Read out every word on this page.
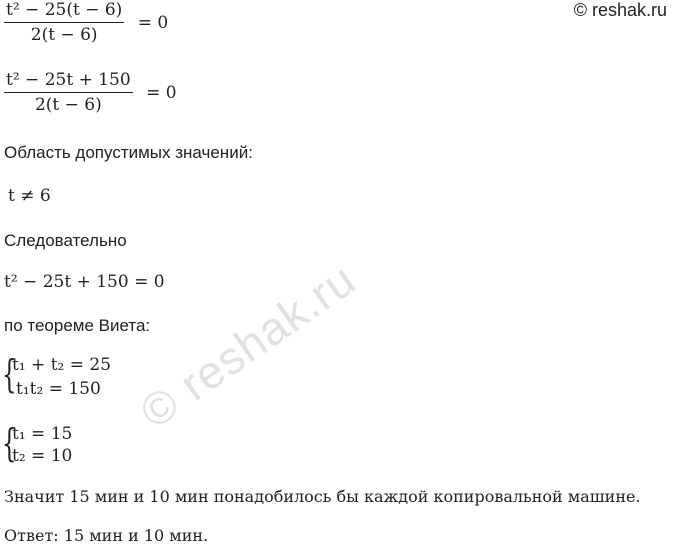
© reshak.ru
$\frac{\text{t² − 25(t − 6)}}{2(t - 6)} = 0$
$\frac{\text{t² − 25t + 150}}{2(t - 6)} = 0$
Область допустимых значений:
t ≠ 6
Следовательно
t² − 25t + 150 = 0
по теореме Виета:
{
t₁ + t₂ = 25
t₁t₂ = 150
{
t₁ = 15
t₂ = 10
Значит 15 мин и 10 мин понадобилось бы каждой копировальной машине.
Ответ: 15 мин и 10 мин.
© reshak.ru
